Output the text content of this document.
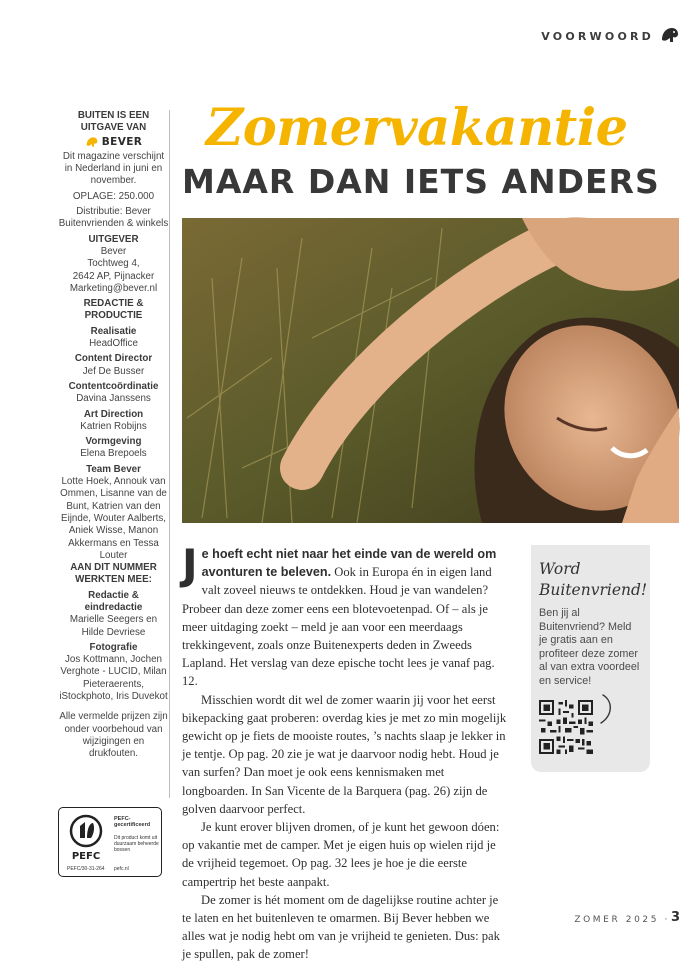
VOORWOORD
BUITEN IS EEN UITGAVE VAN
BEVER
Dit magazine verschijnt in Nederland in juni en november.
OPLAGE: 250.000
Distributie: Bever Buitenvrienden & winkels
UITGEVER
Bever
Tochtweg 4,
2642 AP, Pijnacker
Marketing@bever.nl
REDACTIE & PRODUCTIE
Realisatie
HeadOffice
Content Director
Jef De Busser
Contentcoördinatie
Davina Janssens
Art Direction
Katrien Robijns
Vormgeving
Elena Brepoels
Team Bever
Lotte Hoek, Annouk van Ommen, Lisanne van de Bunt, Katrien van den Eijnde, Wouter Aalberts, Aniek Wisse, Manon Akkermans en Tessa Louter
AAN DIT NUMMER WERKTEN MEE:
Redactie & eindredactie
Marielle Seegers en Hilde Devriese
Fotografie
Jos Kottmann, Jochen Verghote - LUCID, Milan Pieteraerents, iStockphoto, Iris Duvekot
Alle vermelde prijzen zijn onder voorbehoud van wijzigingen en drukfouten.
PEFC
PEFC-gecertificeerd
Dit product komt uit duurzaam beheerde bossen
PEFC/30-31-264 pefc.nl
Zomervakantie
MAAR DAN IETS ANDERS

Je hoeft echt niet naar het einde van de wereld om avonturen te beleven. Ook in Europa én in eigen land valt zoveel nieuws te ontdekken. Houd je van wandelen? Probeer dan deze zomer eens een blotevoetenpad. Of – als je meer uitdaging zoekt – meld je aan voor een meerdaags trekkingevent, zoals onze Buitenexperts deden in Zweeds Lapland. Het verslag van deze epische tocht lees je vanaf pag. 12.

Misschien wordt dit wel de zomer waarin jij voor het eerst bikepacking gaat proberen: overdag kies je met zo min mogelijk gewicht op je fiets de mooiste routes, ’s nachts slaap je lekker in je tentje. Op pag. 20 zie je wat je daarvoor nodig hebt. Houd je van surfen? Dan moet je ook eens kennismaken met longboarden. In San Vicente de la Barquera (pag. 26) zijn de golven daarvoor perfect.

Je kunt erover blijven dromen, of je kunt het gewoon dóen: op vakantie met de camper. Met je eigen huis op wielen rijd je de vrijheid tegemoet. Op pag. 32 lees je hoe je die eerste campertrip het beste aanpakt.

De zomer is hét moment om de dagelijkse routine achter je te laten en het buitenleven te omarmen. Bij Bever hebben we alles wat je nodig hebt om van je vrijheid te genieten. Dus: pak je spullen, pak de zomer!

Word
Buitenvriend!
Ben jij al Buitenvriend? Meld je gratis aan en profiteer deze zomer al van extra voordeel en service!
ZOMER 2025 · 3
